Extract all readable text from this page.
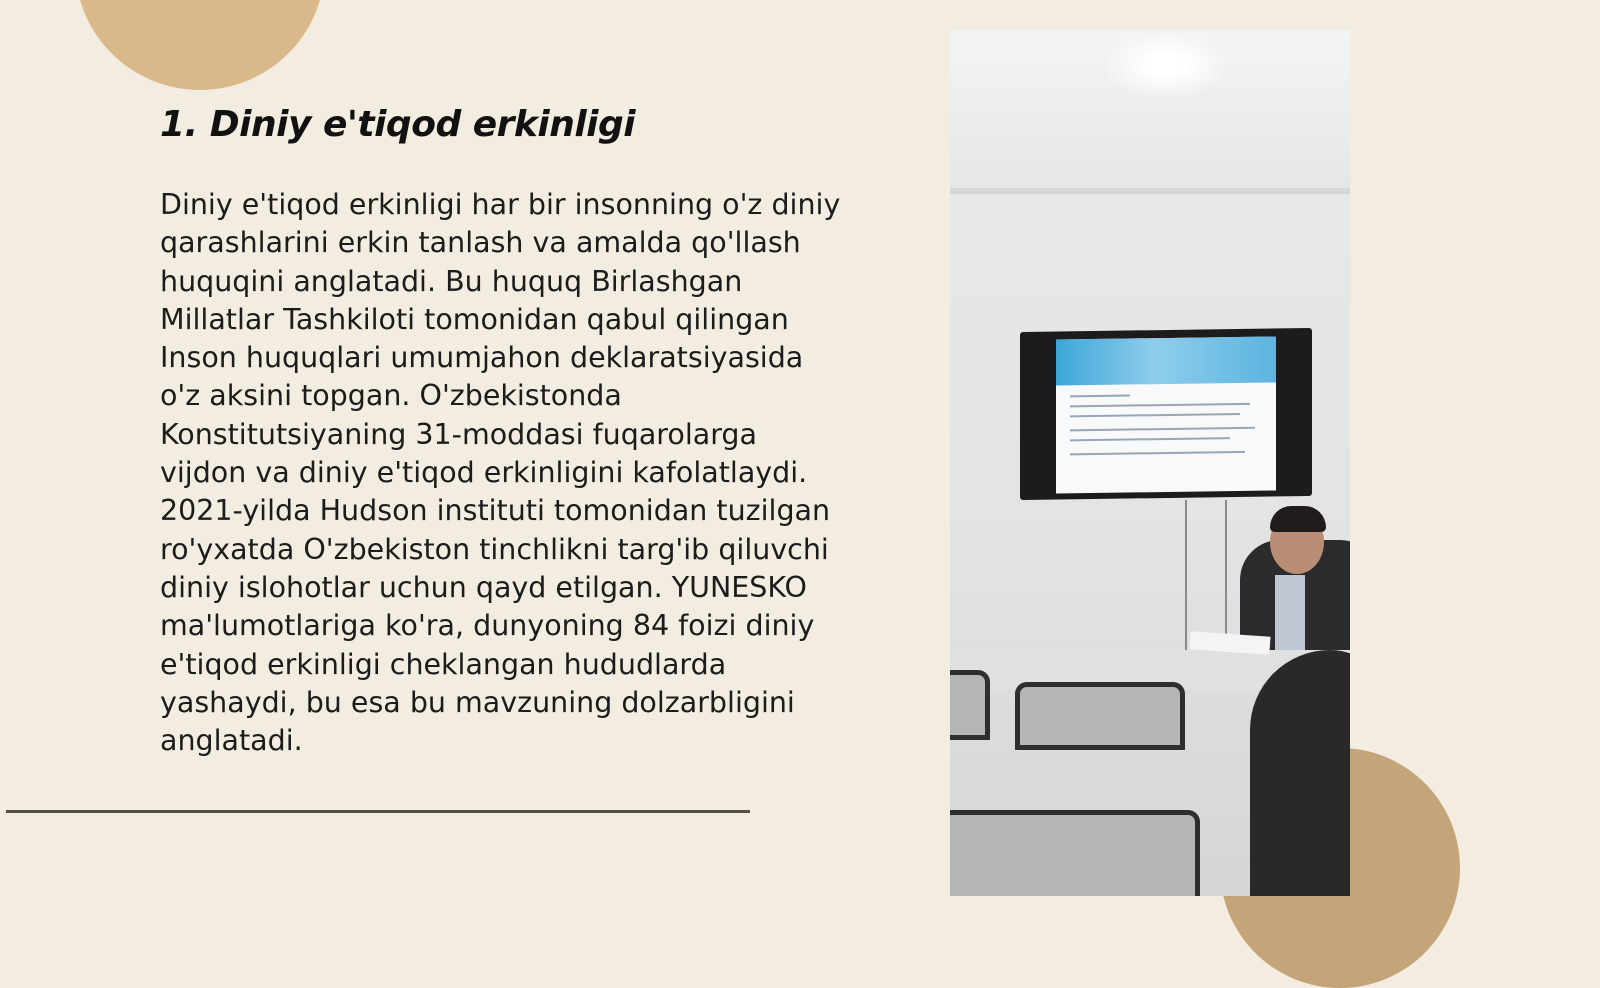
1. Diniy e'tiqod erkinligi

Diniy e'tiqod erkinligi har bir insonning o'z diniy qarashlarini erkin tanlash va amalda qo'llash huquqini anglatadi. Bu huquq Birlashgan Millatlar Tashkiloti tomonidan qabul qilingan Inson huquqlari umumjahon deklaratsiyasida o'z aksini topgan. O'zbekistonda Konstitutsiyaning 31-moddasi fuqarolarga vijdon va diniy e'tiqod erkinligini kafolatlaydi. 2021-yilda Hudson instituti tomonidan tuzilgan ro'yxatda O'zbekiston tinchlikni targ'ib qiluvchi diniy islohotlar uchun qayd etilgan. YUNESKO ma'lumotlariga ko'ra, dunyoning 84 foizi diniy e'tiqod erkinligi cheklangan hududlarda yashaydi, bu esa bu mavzuning dolzarbligini anglatadi.
